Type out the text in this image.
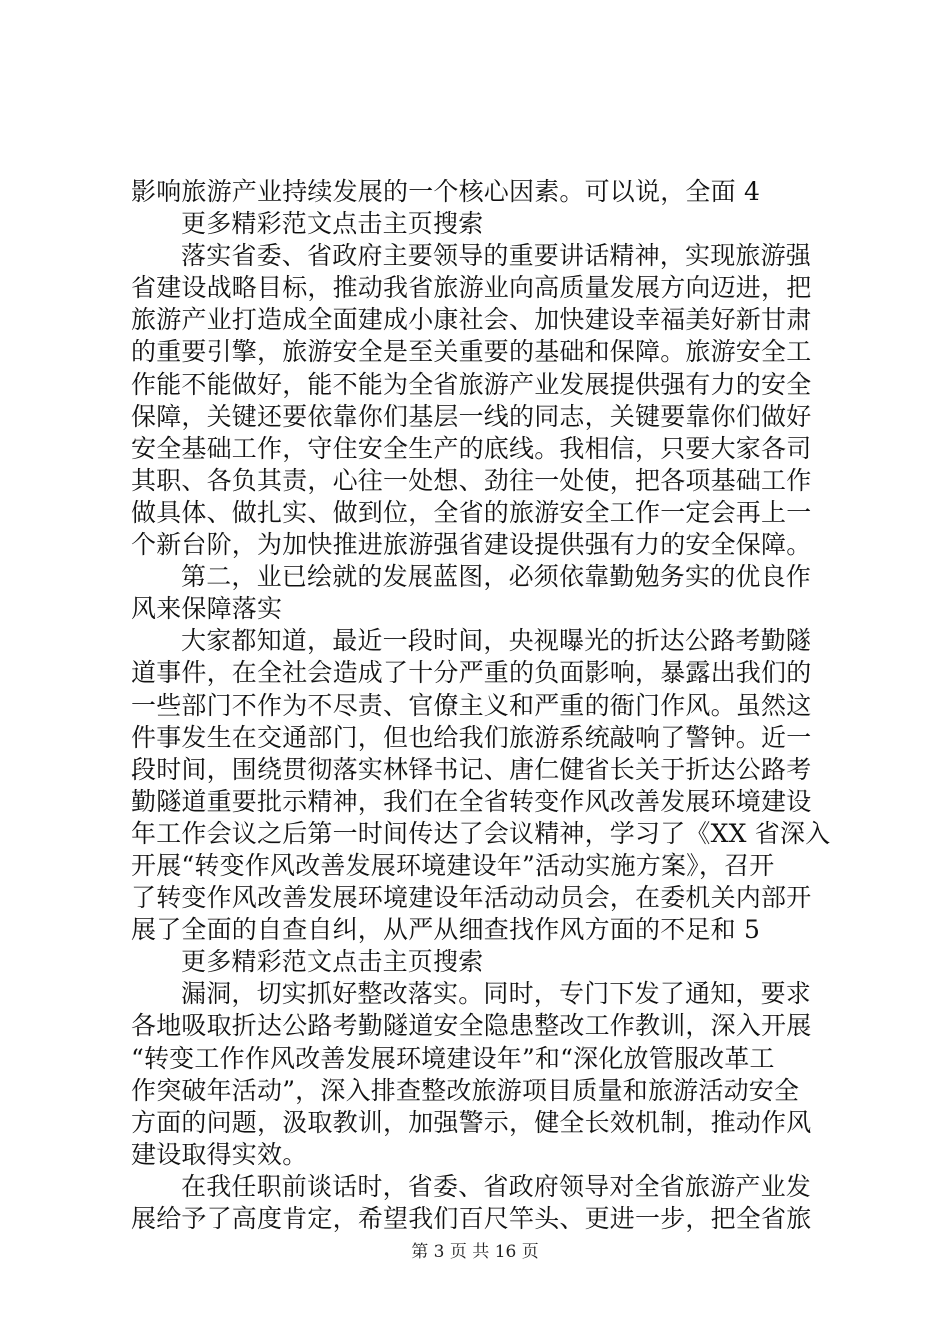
影响旅游产业持续发展的一个核心因素。可以说，全面 4
更多精彩范文点击主页搜索
落实省委、省政府主要领导的重要讲话精神，实现旅游强
省建设战略目标，推动我省旅游业向高质量发展方向迈进，把
旅游产业打造成全面建成小康社会、加快建设幸福美好新甘肃
的重要引擎，旅游安全是至关重要的基础和保障。旅游安全工
作能不能做好，能不能为全省旅游产业发展提供强有力的安全
保障，关键还要依靠你们基层一线的同志，关键要靠你们做好
安全基础工作，守住安全生产的底线。我相信，只要大家各司
其职、各负其责，心往一处想、劲往一处使，把各项基础工作
做具体、做扎实、做到位，全省的旅游安全工作一定会再上一
个新台阶，为加快推进旅游强省建设提供强有力的安全保障。
第二，业已绘就的发展蓝图，必须依靠勤勉务实的优良作
风来保障落实
大家都知道，最近一段时间，央视曝光的折达公路考勤隧
道事件，在全社会造成了十分严重的负面影响，暴露出我们的
一些部门不作为不尽责、官僚主义和严重的衙门作风。虽然这
件事发生在交通部门，但也给我们旅游系统敲响了警钟。近一
段时间，围绕贯彻落实林铎书记、唐仁健省长关于折达公路考
勤隧道重要批示精神，我们在全省转变作风改善发展环境建设
年工作会议之后第一时间传达了会议精神，学习了《XX 省深入
开展“转变作风改善发展环境建设年”活动实施方案》，召开
了转变作风改善发展环境建设年活动动员会，在委机关内部开
展了全面的自查自纠，从严从细查找作风方面的不足和 5
更多精彩范文点击主页搜索
漏洞，切实抓好整改落实。同时，专门下发了通知，要求
各地吸取折达公路考勤隧道安全隐患整改工作教训，深入开展
“转变工作作风改善发展环境建设年”和“深化放管服改革工
作突破年活动”，深入排查整改旅游项目质量和旅游活动安全
方面的问题，汲取教训，加强警示，健全长效机制，推动作风
建设取得实效。
在我任职前谈话时，省委、省政府领导对全省旅游产业发
展给予了高度肯定，希望我们百尺竿头、更进一步，把全省旅
第 3 页 共 16 页
